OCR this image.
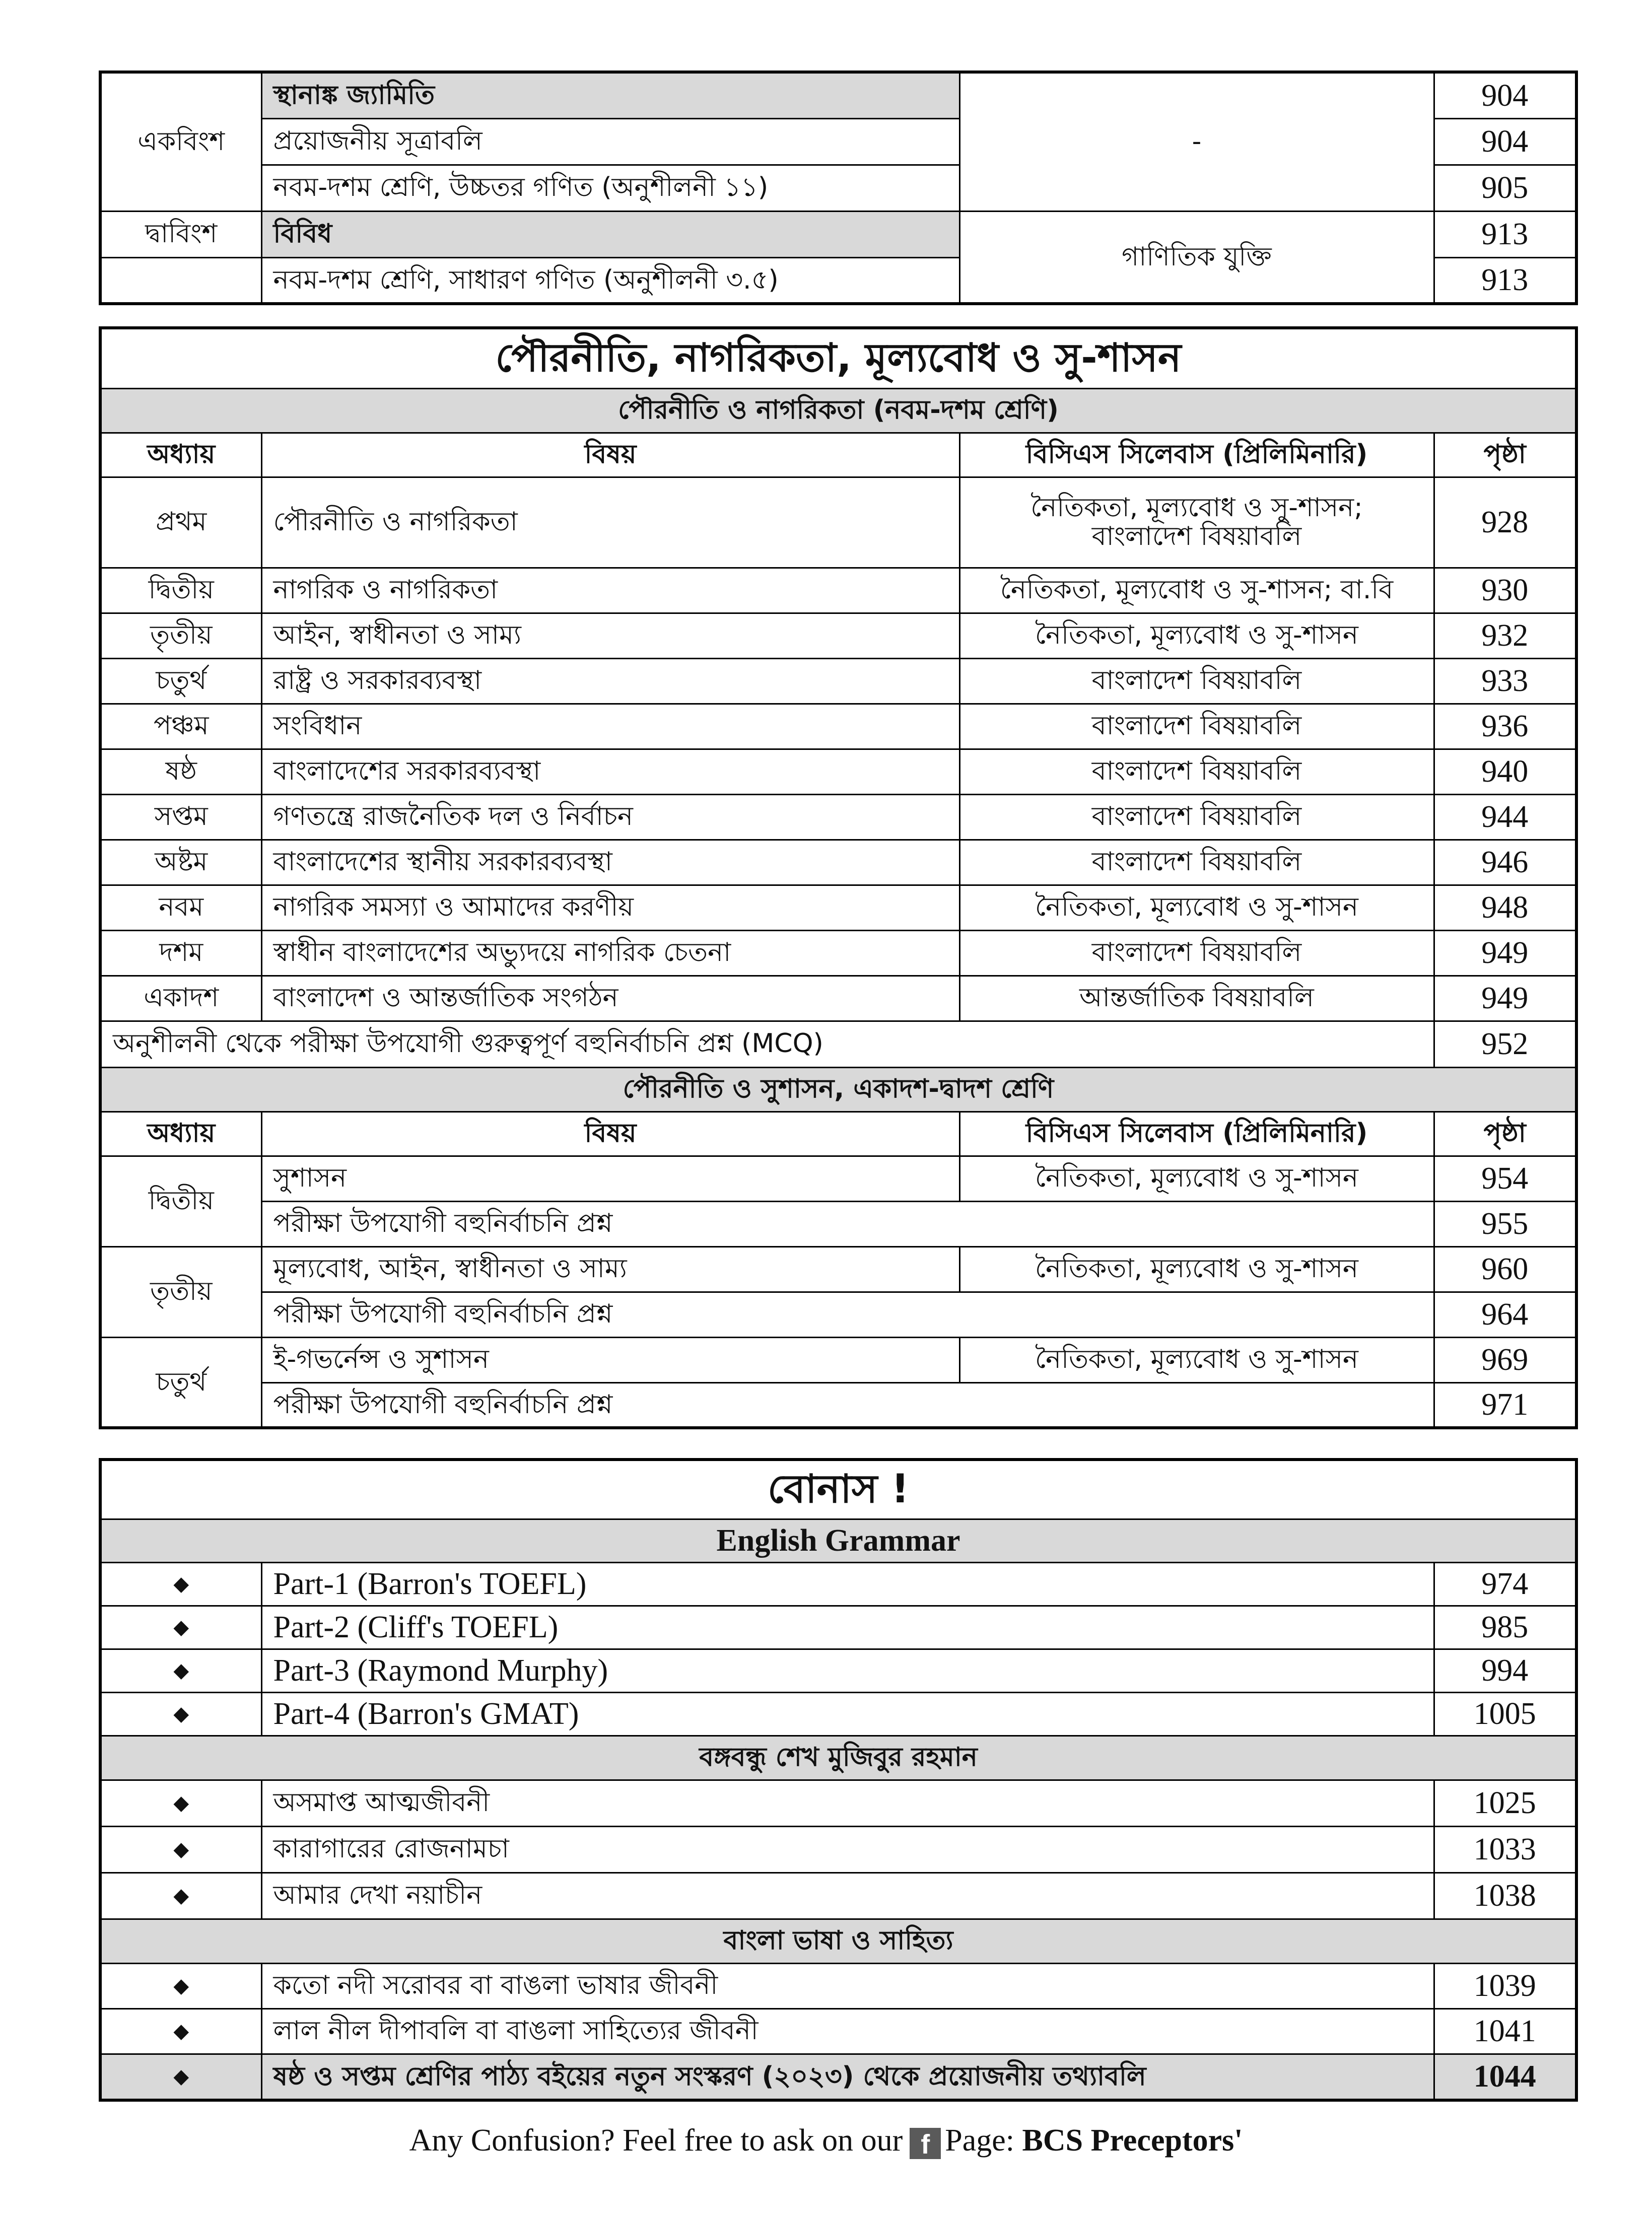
একবিংশ	স্থানাঙ্ক জ্যামিতি	-	904
	প্রয়োজনীয় সূত্রাবলি		904
	নবম-দশম শ্রেণি, উচ্চতর গণিত (অনুশীলনী ১১)		905
দ্বাবিংশ	বিবিধ	গাণিতিক যুক্তি	913
	নবম-দশম শ্রেণি, সাধারণ গণিত (অনুশীলনী ৩.৫)		913
পৌরনীতি, নাগরিকতা, মূল্যবোধ ও সু-শাসন			
পৌরনীতি ও নাগরিকতা (নবম-দশম শ্রেণি)			
অধ্যায়	বিষয়	বিসিএস সিলেবাস (প্রিলিমিনারি)	পৃষ্ঠা
প্রথম	পৌরনীতি ও নাগরিকতা	নৈতিকতা, মূল্যবোধ ও সু-শাসন;
বাংলাদেশ বিষয়াবলি	928
দ্বিতীয়	নাগরিক ও নাগরিকতা	নৈতিকতা, মূল্যবোধ ও সু-শাসন; বা.বি	930
তৃতীয়	আইন, স্বাধীনতা ও সাম্য	নৈতিকতা, মূল্যবোধ ও সু-শাসন	932
চতুর্থ	রাষ্ট্র ও সরকারব্যবস্থা	বাংলাদেশ বিষয়াবলি	933
পঞ্চম	সংবিধান	বাংলাদেশ বিষয়াবলি	936
ষষ্ঠ	বাংলাদেশের সরকারব্যবস্থা	বাংলাদেশ বিষয়াবলি	940
সপ্তম	গণতন্ত্রে রাজনৈতিক দল ও নির্বাচন	বাংলাদেশ বিষয়াবলি	944
অষ্টম	বাংলাদেশের স্থানীয় সরকারব্যবস্থা	বাংলাদেশ বিষয়াবলি	946
নবম	নাগরিক সমস্যা ও আমাদের করণীয়	নৈতিকতা, মূল্যবোধ ও সু-শাসন	948
দশম	স্বাধীন বাংলাদেশের অভ্যুদয়ে নাগরিক চেতনা	বাংলাদেশ বিষয়াবলি	949
একাদশ	বাংলাদেশ ও আন্তর্জাতিক সংগঠন	আন্তর্জাতিক বিষয়াবলি	949
অনুশীলনী থেকে পরীক্ষা উপযোগী গুরুত্বপূর্ণ বহুনির্বাচনি প্রশ্ন (MCQ)			952
পৌরনীতি ও সুশাসন, একাদশ-দ্বাদশ শ্রেণি			
অধ্যায়	বিষয়	বিসিএস সিলেবাস (প্রিলিমিনারি)	পৃষ্ঠা
দ্বিতীয়	সুশাসন	নৈতিকতা, মূল্যবোধ ও সু-শাসন	954
	পরীক্ষা উপযোগী বহুনির্বাচনি প্রশ্ন		955
তৃতীয়	মূল্যবোধ, আইন, স্বাধীনতা ও সাম্য	নৈতিকতা, মূল্যবোধ ও সু-শাসন	960
	পরীক্ষা উপযোগী বহুনির্বাচনি প্রশ্ন		964
চতুর্থ	ই-গভর্নেন্স ও সুশাসন	নৈতিকতা, মূল্যবোধ ও সু-শাসন	969
	পরীক্ষা উপযোগী বহুনির্বাচনি প্রশ্ন		971
বোনাস !		
English Grammar		
◆	Part-1 (Barron's TOEFL)	974
◆	Part-2 (Cliff's TOEFL)	985
◆	Part-3 (Raymond Murphy)	994
◆	Part-4 (Barron's GMAT)	1005
বঙ্গবন্ধু শেখ মুজিবুর রহমান		
◆	অসমাপ্ত আত্মজীবনী	1025
◆	কারাগারের রোজনামচা	1033
◆	আমার দেখা নয়াচীন	1038
বাংলা ভাষা ও সাহিত্য		
◆	কতো নদী সরোবর বা বাঙলা ভাষার জীবনী	1039
◆	লাল নীল দীপাবলি বা বাঙলা সাহিত্যের জীবনী	1041
◆	ষষ্ঠ ও সপ্তম শ্রেণির পাঠ্য বইয়ের নতুন সংস্করণ (২০২৩) থেকে প্রয়োজনীয় তথ্যাবলি	1044
Any Confusion? Feel free to ask on our f Page: BCS Preceptors'
